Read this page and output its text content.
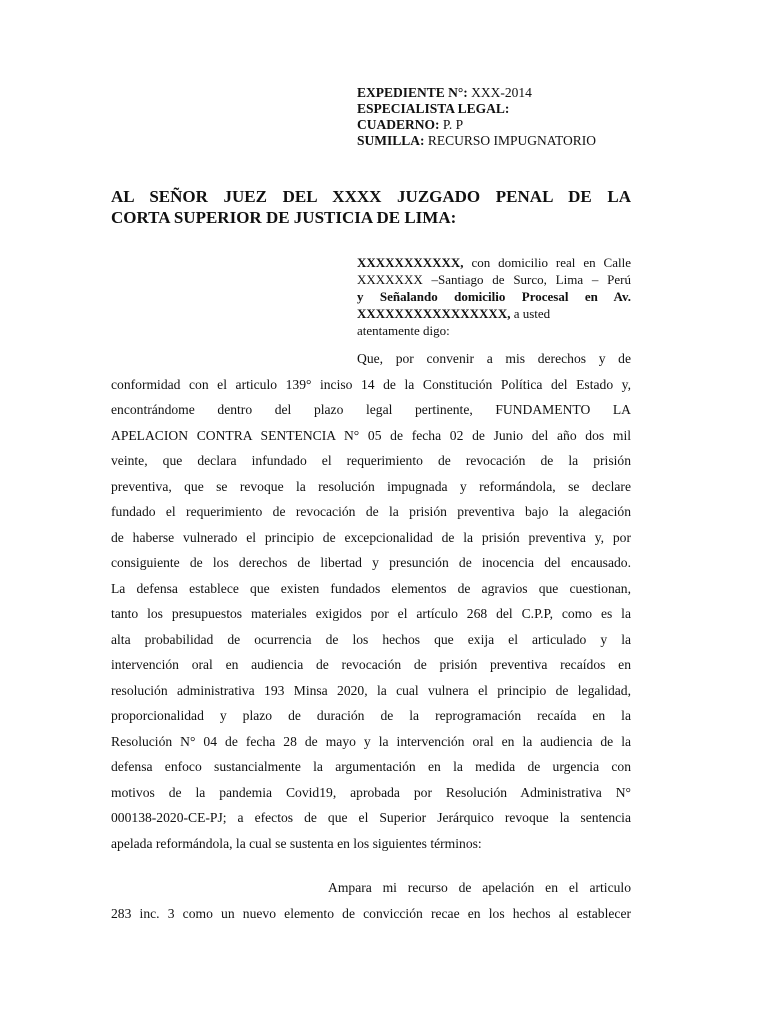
EXPEDIENTE N°: XXX-2014
ESPECIALISTA LEGAL:
CUADERNO: P. P
SUMILLA: RECURSO IMPUGNATORIO
AL SEÑOR JUEZ DEL XXXX JUZGADO PENAL DE LA
CORTA SUPERIOR DE JUSTICIA DE LIMA:
XXXXXXXXXXX, con domicilio real en Calle
XXXXXXX –Santiago de Surco, Lima – Perú
y Señalando domicilio Procesal en Av.
XXXXXXXXXXXXXXXX, a usted
atentamente digo:
Que, por convenir a mis derechos y de
conformidad con el articulo 139° inciso 14 de la Constitución Política del Estado y,
encontrándome dentro del plazo legal pertinente, FUNDAMENTO LA
APELACION CONTRA SENTENCIA N° 05 de fecha 02 de Junio del año dos mil
veinte, que declara infundado el requerimiento de revocación de la prisión
preventiva, que se revoque la resolución impugnada y reformándola, se declare
fundado el requerimiento de revocación de la prisión preventiva bajo la alegación
de haberse vulnerado el principio de excepcionalidad de la prisión preventiva y, por
consiguiente de los derechos de libertad y presunción de inocencia del encausado.
La defensa establece que existen fundados elementos de agravios que cuestionan,
tanto los presupuestos materiales exigidos por el artículo 268 del C.P.P, como es la
alta probabilidad de ocurrencia de los hechos que exija el articulado y la
intervención oral en audiencia de revocación de prisión preventiva recaídos en
resolución administrativa 193 Minsa 2020, la cual vulnera el principio de legalidad,
proporcionalidad y plazo de duración de la reprogramación recaída en la
Resolución N° 04 de fecha 28 de mayo y la intervención oral en la audiencia de la
defensa enfoco sustancialmente la argumentación en la medida de urgencia con
motivos de la pandemia Covid19, aprobada por Resolución Administrativa N°
000138-2020-CE-PJ; a efectos de que el Superior Jerárquico revoque la sentencia
apelada reformándola, la cual se sustenta en los siguientes términos:
Ampara mi recurso de apelación en el articulo
283 inc. 3 como un nuevo elemento de convicción recae en los hechos al establecer
